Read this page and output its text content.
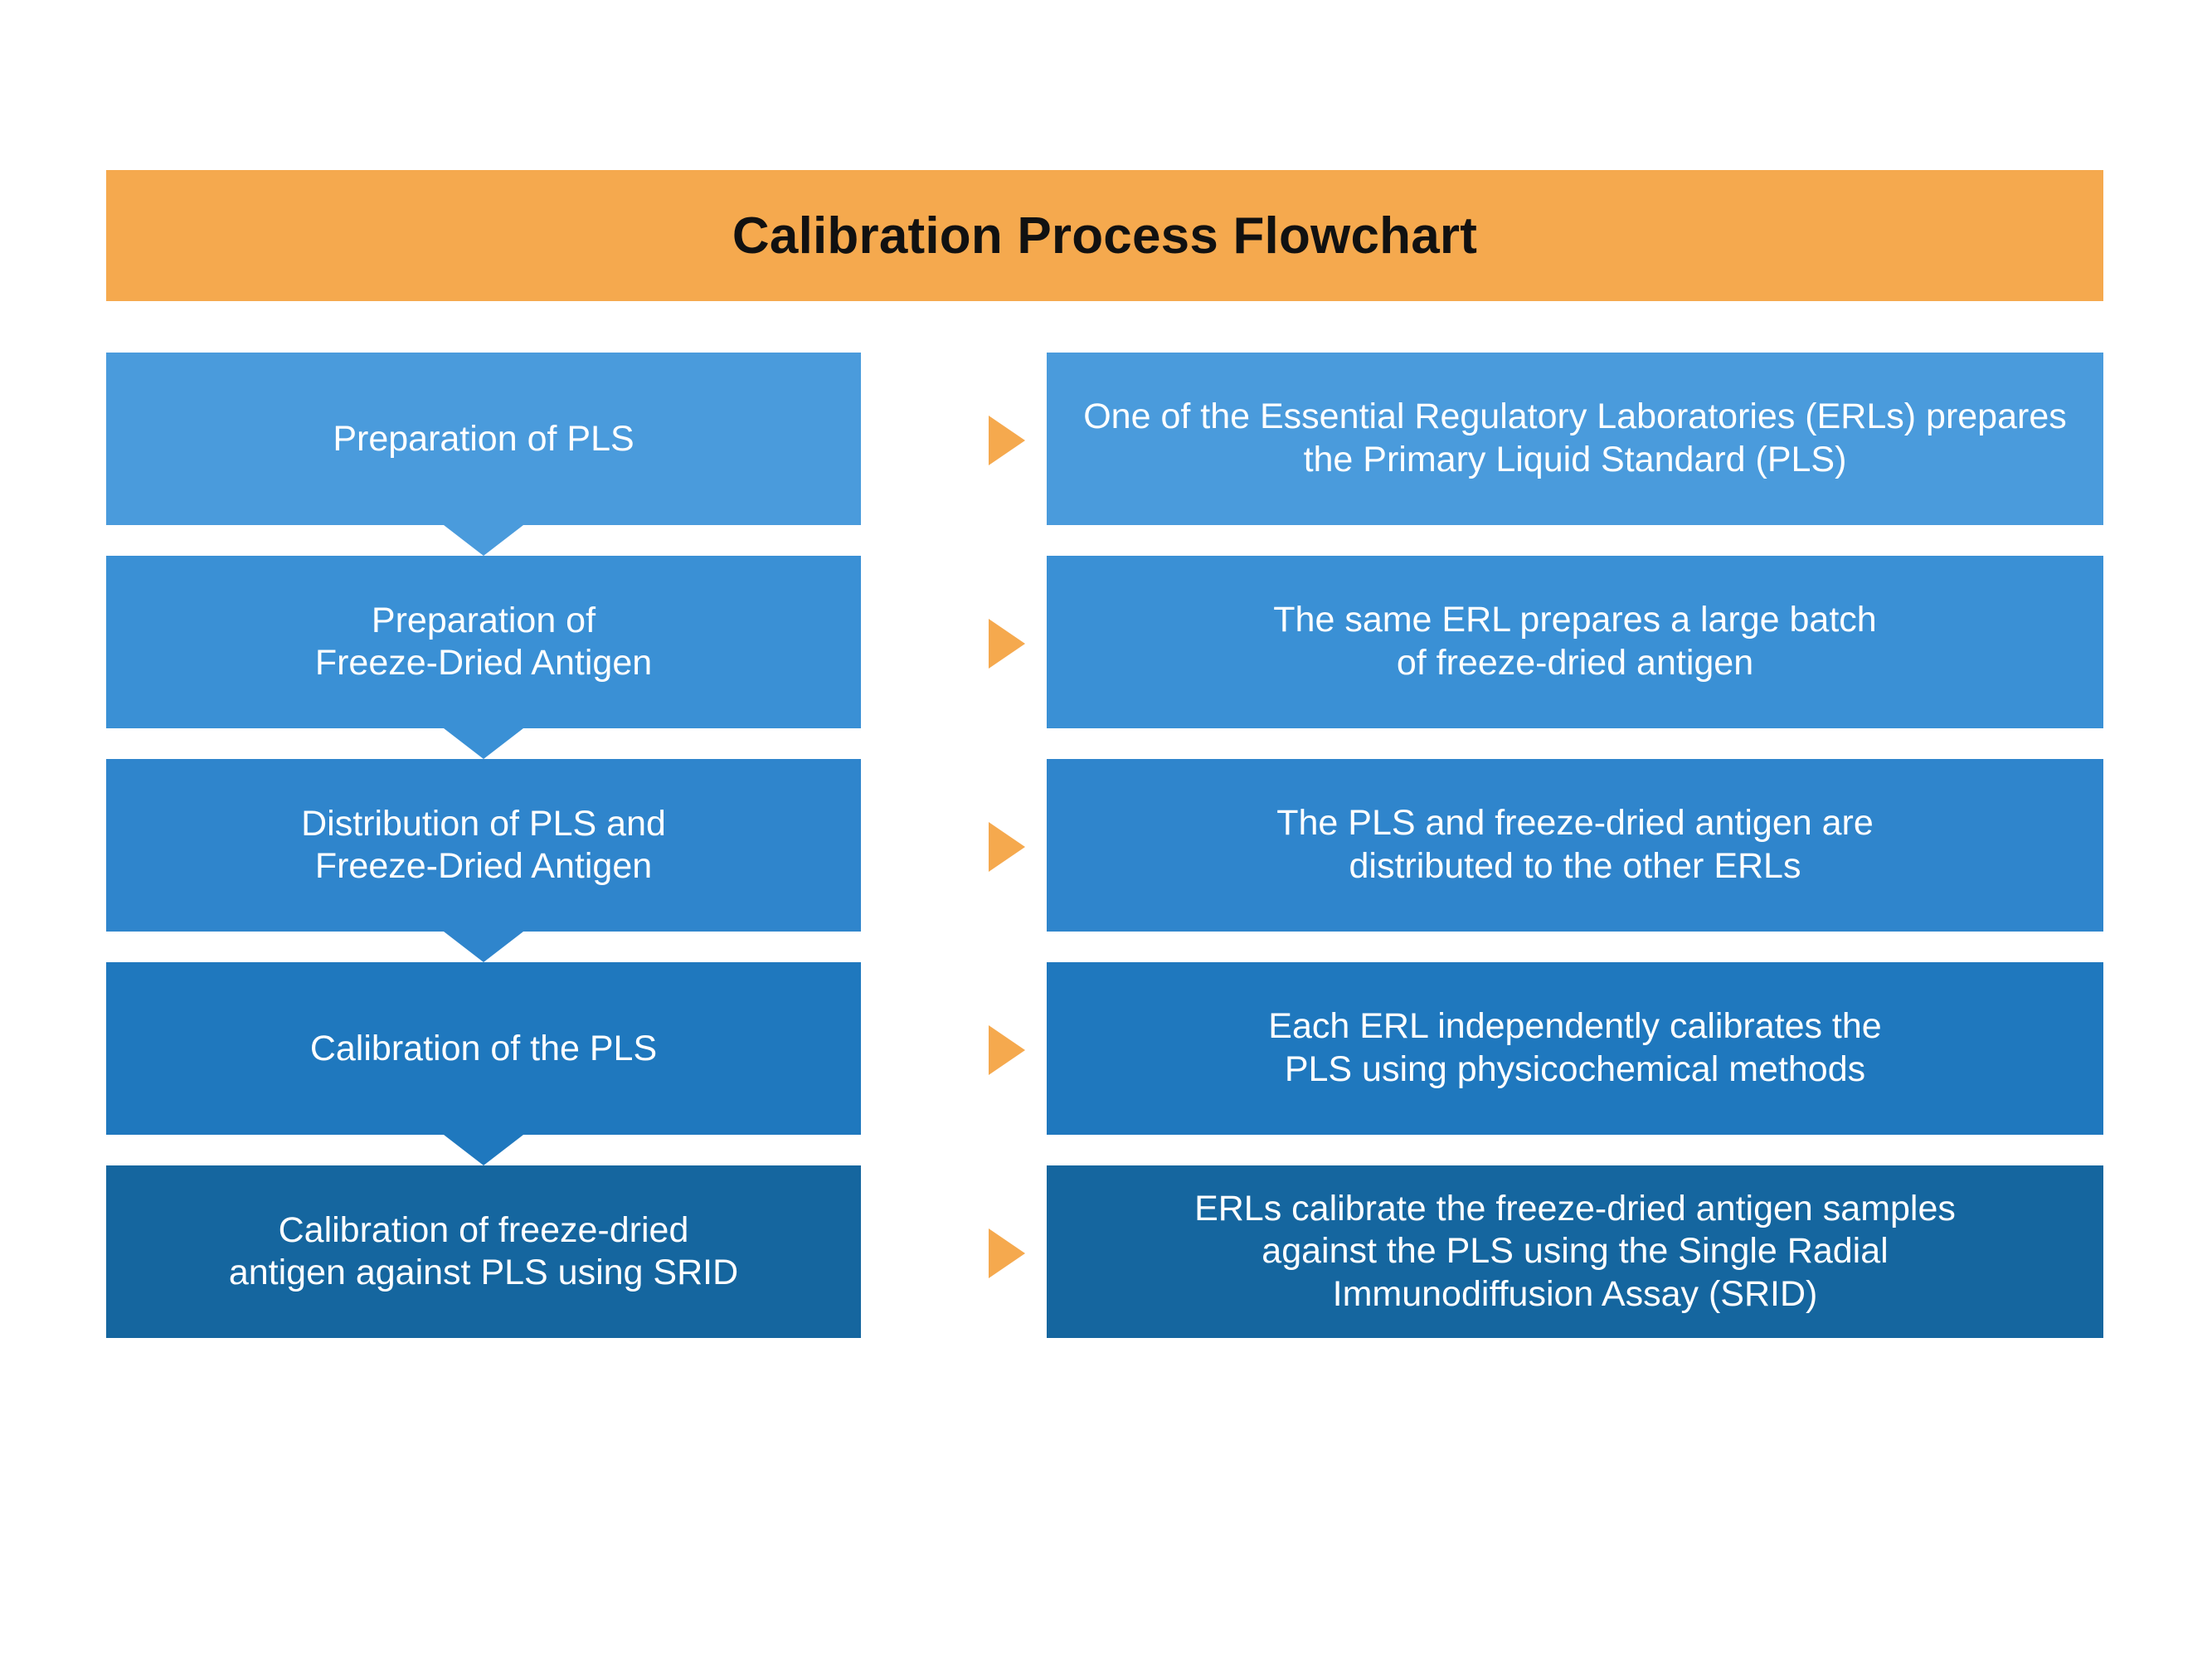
Calibration Process Flowchart
Preparation of PLS
One of the Essential Regulatory Laboratories (ERLs) prepares the Primary Liquid Standard (PLS)
Preparation of
Freeze-Dried Antigen
The same ERL prepares a large batch
of freeze-dried antigen
Distribution of PLS and
Freeze-Dried Antigen
The PLS and freeze-dried antigen are
distributed to the other ERLs
Calibration of the PLS
Each ERL independently calibrates the
PLS using physicochemical methods
Calibration of freeze-dried
antigen against PLS using SRID
ERLs calibrate the freeze-dried antigen samples
against the PLS using the Single Radial
Immunodiffusion Assay (SRID)
